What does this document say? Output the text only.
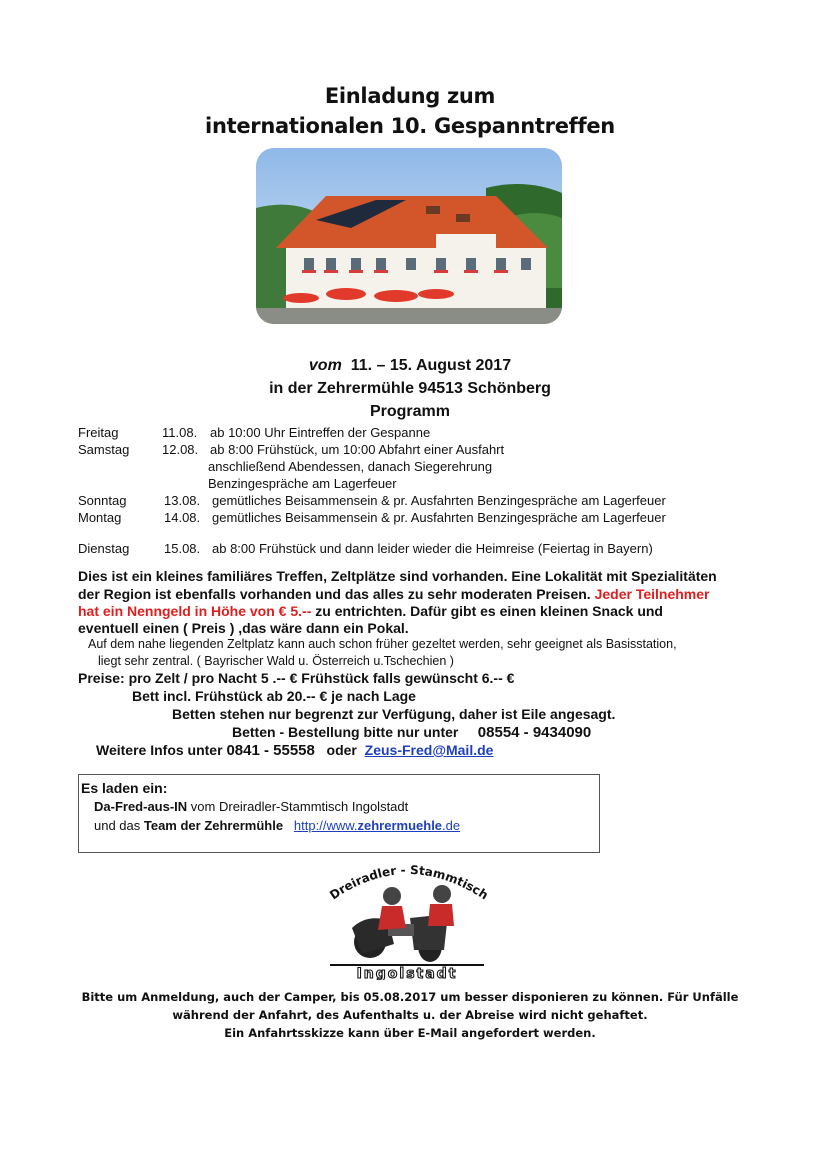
Einladung zum
internationalen 10. Gespanntreffen
vom 11. – 15. August 2017
in der Zehrermühle 94513 Schönberg
Programm
Freitag	11.08. ab 10:00 Uhr Eintreffen der Gespanne
Samstag	12.08. ab 8:00 Frühstück, um 10:00 Abfahrt einer Ausfahrt
anschließend Abendessen, danach Siegerehrung
Benzingespräche am Lagerfeuer
Sonntag	13.08. gemütliches Beisammensein & pr. Ausfahrten Benzingespräche am Lagerfeuer
Montag	14.08. gemütliches Beisammensein & pr. Ausfahrten Benzingespräche am Lagerfeuer
Dienstag	15.08. ab 8:00 Frühstück und dann leider wieder die Heimreise (Feiertag in Bayern)
Dies ist ein kleines familiäres Treffen, Zeltplätze sind vorhanden. Eine Lokalität mit Spezialitäten
der Region ist ebenfalls vorhanden und das alles zu sehr moderaten Preisen. Jeder Teilnehmer
hat ein Nenngeld in Höhe von € 5.-- zu entrichten. Dafür gibt es einen kleinen Snack und
eventuell einen ( Preis ) ,das wäre dann ein Pokal.
Auf dem nahe liegenden Zeltplatz kann auch schon früher gezeltet werden, sehr geeignet als Basisstation,
liegt sehr zentral. ( Bayrischer Wald u. Österreich u.Tschechien )
Preise: pro Zelt / pro Nacht 5 .-- € Frühstück falls gewünscht 6.-- €
Bett incl. Frühstück ab 20.-- € je nach Lage
Betten stehen nur begrenzt zur Verfügung, daher ist Eile angesagt.
Betten - Bestellung bitte nur unter 08554 - 9434090
Weitere Infos unter 0841 - 55558 oder Zeus-Fred@Mail.de
Es laden ein:
Da-Fred-aus-IN vom Dreiradler-Stammtisch Ingolstadt
und das Team der Zehrermühle http://www.zehrermuehle.de
Dreiradler - Stammtisch
Ingolstadt
Bitte um Anmeldung, auch der Camper, bis 05.08.2017 um besser disponieren zu können. Für Unfälle
während der Anfahrt, des Aufenthalts u. der Abreise wird nicht gehaftet.
Ein Anfahrtsskizze kann über E-Mail angefordert werden.
